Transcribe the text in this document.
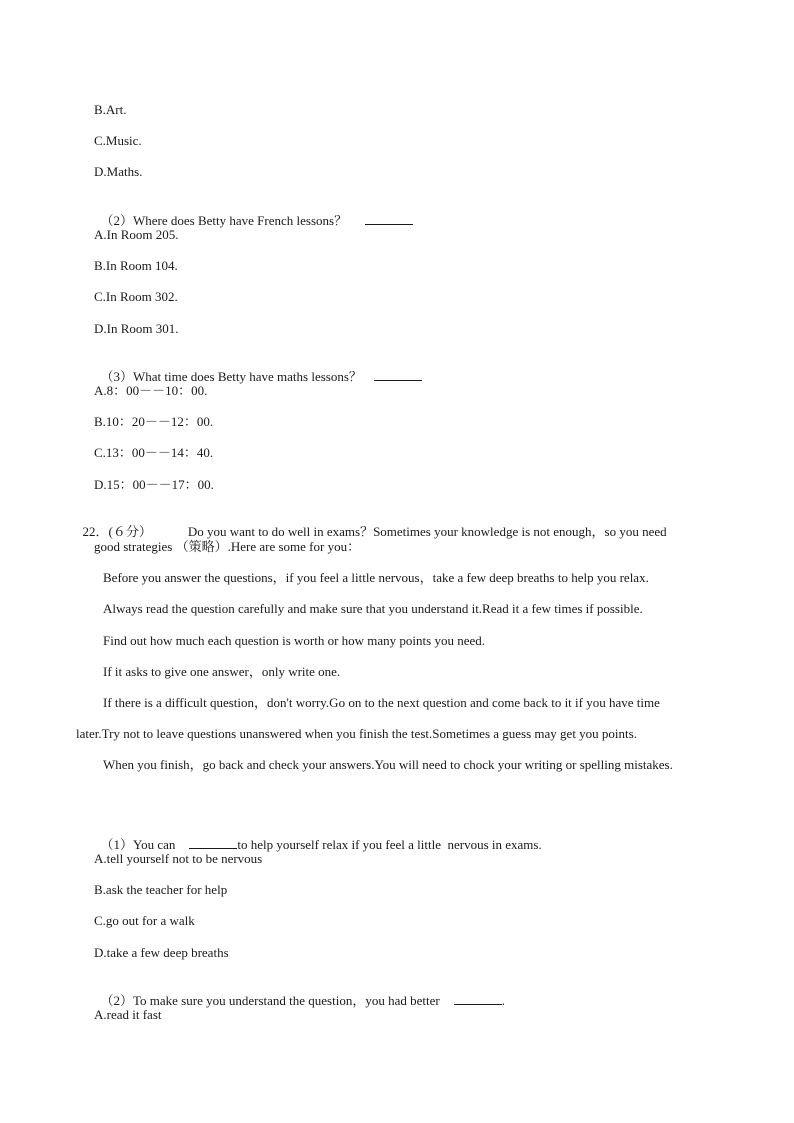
B.Art.
C.Music.
D.Maths.

（2）Where does Betty have French lessons？

A.In Room 205.
B.In Room 104.
C.In Room 302.
D.In Room 301.

（3）What time does Betty have maths lessons？

A.8：00－－10：00.
B.10：20－－12：00.
C.13：00－－14：40.
D.15：00－－17：00.

22．(６分）	Do you want to do well in exams？Sometimes your knowledge is not enough，so you need

good strategies （策略）.Here are some for you：
Before you answer the questions，if you feel a little nervous，take a few deep breaths to help you relax.
Always read the question carefully and make sure that you understand it.Read it a few times if possible.
Find out how much each question is worth or how many points you need.
If it asks to give one answer，only write one.
If there is a difficult question，don't worry.Go on to the next question and come back to it if you have time
later.Try not to leave questions unanswered when you finish the test.Sometimes a guess may get you points.
When you finish，go back and check your answers.You will need to chock your writing or spelling mistakes.

（1）You can	to help yourself relax if you feel a little  nervous in exams.

A.tell yourself not to be nervous
B.ask the teacher for help
C.go out for a walk
D.take a few deep breaths

（2）To make sure you understand the question，you had better	.

A.read it fast
